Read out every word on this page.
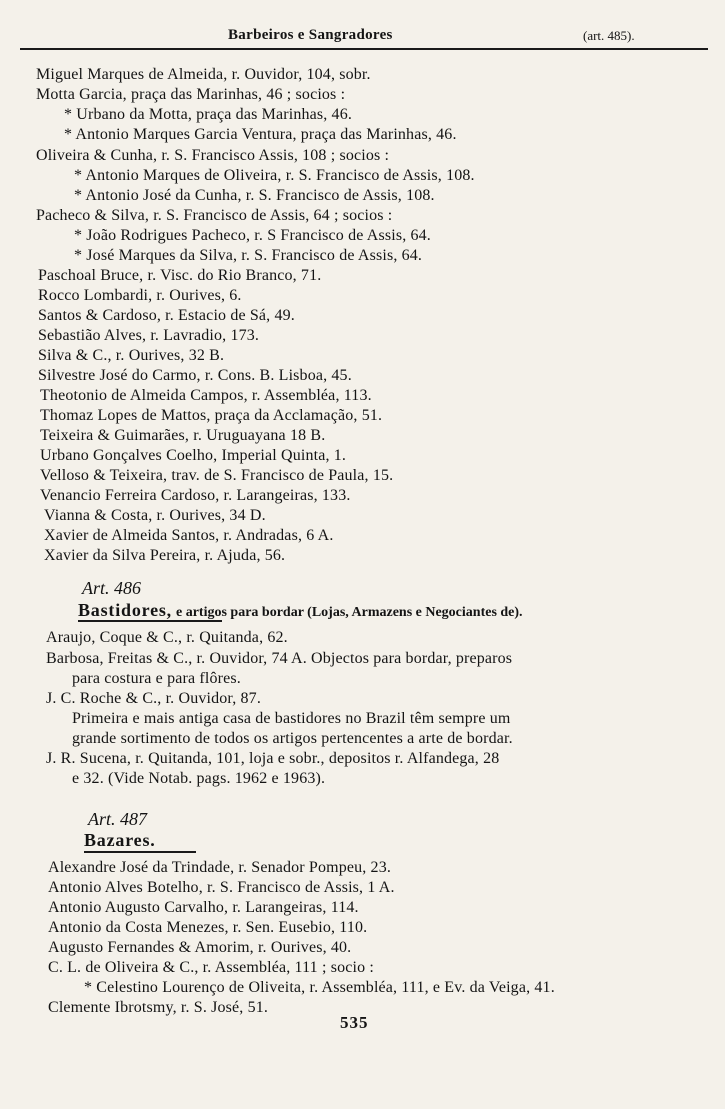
Barbeiros e Sangradores	(art. 485).
Miguel Marques de Almeida, r. Ouvidor, 104, sobr.
Motta Garcia, praça das Marinhas, 46 ; socios :
* Urbano da Motta, praça das Marinhas, 46.
* Antonio Marques Garcia Ventura, praça das Marinhas, 46.
Oliveira & Cunha, r. S. Francisco Assis, 108 ; socios :
* Antonio Marques de Oliveira, r. S. Francisco de Assis, 108.
* Antonio José da Cunha, r. S. Francisco de Assis, 108.
Pacheco & Silva, r. S. Francisco de Assis, 64 ; socios :
* João Rodrigues Pacheco, r. S Francisco de Assis, 64.
* José Marques da Silva, r. S. Francisco de Assis, 64.
Paschoal Bruce, r. Visc. do Rio Branco, 71.
Rocco Lombardi, r. Ourives, 6.
Santos & Cardoso, r. Estacio de Sá, 49.
Sebastião Alves, r. Lavradio, 173.
Silva & C., r. Ourives, 32 B.
Silvestre José do Carmo, r. Cons. B. Lisboa, 45.
Theotonio de Almeida Campos, r. Assembléa, 113.
Thomaz Lopes de Mattos, praça da Acclamação, 51.
Teixeira & Guimarães, r. Uruguayana 18 B.
Urbano Gonçalves Coelho, Imperial Quinta, 1.
Velloso & Teixeira, trav. de S. Francisco de Paula, 15.
Venancio Ferreira Cardoso, r. Larangeiras, 133.
Vianna & Costa, r. Ourives, 34 D.
Xavier de Almeida Santos, r. Andradas, 6 A.
Xavier da Silva Pereira, r. Ajuda, 56.
Art. 486
Bastidores, e artigos para bordar (Lojas, Armazens e Negociantes de).
Araujo, Coque & C., r. Quitanda, 62.
Barbosa, Freitas & C., r. Ouvidor, 74 A. Objectos para bordar, preparos
para costura e para flôres.
J. C. Roche & C., r. Ouvidor, 87.
Primeira e mais antiga casa de bastidores no Brazil têm sempre um
grande sortimento de todos os artigos pertencentes a arte de bordar.
J. R. Sucena, r. Quitanda, 101, loja e sobr., depositos r. Alfandega, 28
e 32. (Vide Notab. pags. 1962 e 1963).
Art. 487
Bazares.
Alexandre José da Trindade, r. Senador Pompeu, 23.
Antonio Alves Botelho, r. S. Francisco de Assis, 1 A.
Antonio Augusto Carvalho, r. Larangeiras, 114.
Antonio da Costa Menezes, r. Sen. Eusebio, 110.
Augusto Fernandes & Amorim, r. Ourives, 40.
C. L. de Oliveira & C., r. Assembléa, 111 ; socio :
* Celestino Lourenço de Oliveita, r. Assembléa, 111, e Ev. da Veiga, 41.
Clemente Ibrotsmy, r. S. José, 51.
535
